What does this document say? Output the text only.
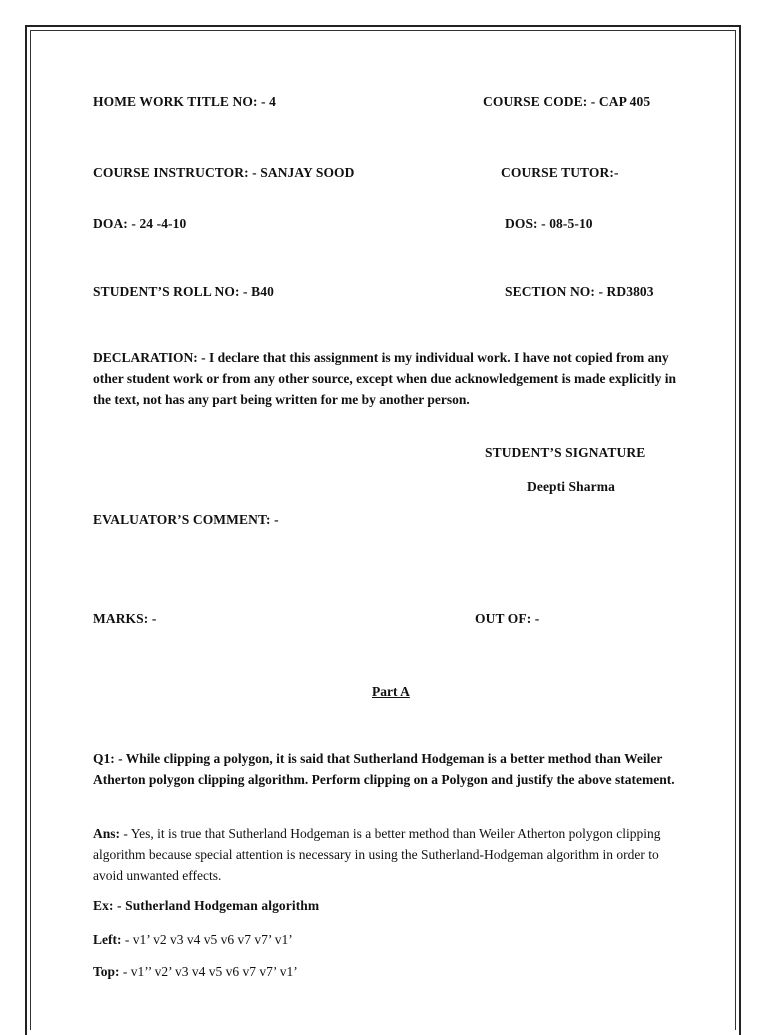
HOME WORK TITLE NO: - 4	COURSE CODE: - CAP 405
COURSE INSTRUCTOR: - SANJAY SOOD	COURSE TUTOR:-
DOA: - 24 -4-10	DOS: - 08-5-10
STUDENT’S ROLL NO: - B40	SECTION NO: - RD3803
DECLARATION: - I declare that this assignment is my individual work. I have not copied from any other student work or from any other source, except when due acknowledgement is made explicitly in the text, not has any part being written for me by another person.
STUDENT’S SIGNATURE
Deepti Sharma
EVALUATOR’S COMMENT: -
MARKS: -	OUT OF: -
Part A
Q1: - While clipping a polygon, it is said that Sutherland Hodgeman is a better method than Weiler Atherton polygon clipping algorithm. Perform clipping on a Polygon and justify the above statement.
Ans: - Yes, it is true that Sutherland Hodgeman is a better method than Weiler Atherton polygon clipping algorithm because special attention is necessary in using the Sutherland-Hodgeman algorithm in order to avoid unwanted effects.
Ex: - Sutherland Hodgeman algorithm
Left: - v1’ v2 v3 v4 v5 v6 v7 v7’ v1’
Top: - v1’’ v2’ v3 v4 v5 v6 v7 v7’ v1’
